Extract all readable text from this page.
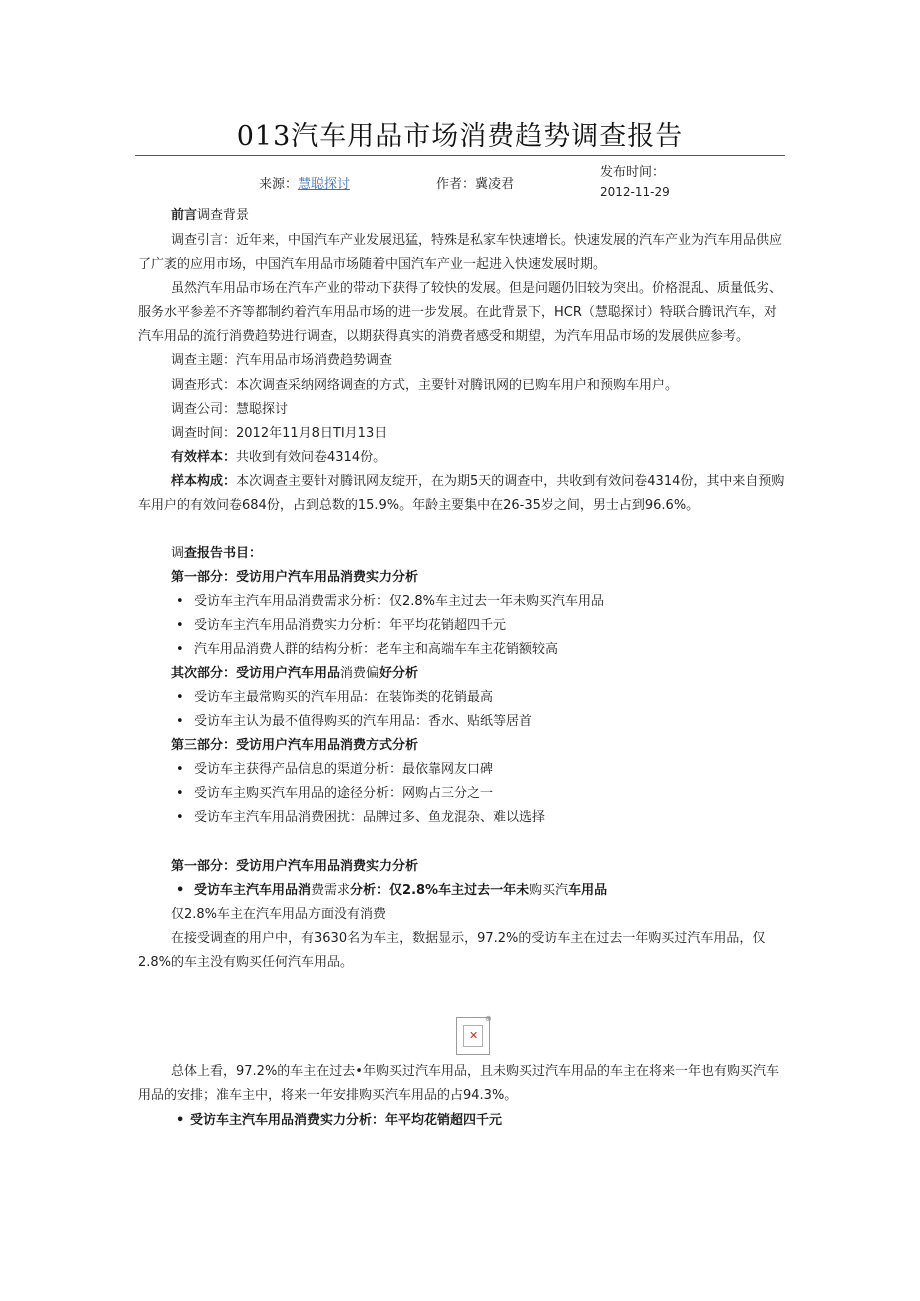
013汽车用品市场消费趋势调查报告
来源：慧聪探讨	作者：冀凌君
发布时间：
2012-11-29

前言调查背景

调查引言：近年来，中国汽车产业发展迅猛，特殊是私家车快速增长。快速发展的汽车产业为汽车用品供应了广袤的应用市场，中国汽车用品市场随着中国汽车产业一起进入快速发展时期。

虽然汽车用品市场在汽车产业的带动下获得了较快的发展。但是问题仍旧较为突出。价格混乱、质量低劣、服务水平参差不齐等都制约着汽车用品市场的进一步发展。在此背景下，HCR（慧聪探讨）特联合腾讯汽车，对汽车用品的流行消费趋势进行调查，以期获得真实的消费者感受和期望，为汽车用品市场的发展供应参考。

调查主题：汽车用品市场消费趋势调查

调查形式：本次调查采纳网络调查的方式，主要针对腾讯网的已购车用户和预购车用户。

调查公司：慧聪探讨

调查时间：2012年11月8日TI月13日

有效样本：共收到有效问卷4314份。

样本构成：本次调查主要针对腾讯网友绽开，在为期5天的调查中，共收到有效问卷4314份，其中来自预购车用户的有效问卷684份，占到总数的15.9%。年龄主要集中在26-35岁之间，男士占到96.6%。

调查报告书目：

第一部分：受访用户汽车用品消费实力分析

• 受访车主汽车用品消费需求分析：仅2.8%车主过去一年未购买汽车用品

• 受访车主汽车用品消费实力分析：年平均花销超四千元

• 汽车用品消费人群的结构分析：老车主和高端车车主花销额较高

其次部分：受访用户汽车用品消费偏好分析

• 受访车主最常购买的汽车用品：在装饰类的花销最高

• 受访车主认为最不值得购买的汽车用品：香水、贴纸等居首

第三部分：受访用户汽车用品消费方式分析

• 受访车主获得产品信息的渠道分析：最依靠网友口碑

• 受访车主购买汽车用品的途径分析：网购占三分之一

• 受访车主汽车用品消费困扰：品牌过多、鱼龙混杂、难以选择

第一部分：受访用户汽车用品消费实力分析

• 受访车主汽车用品消费需求分析：仅2.8%车主过去一年未购买汽车用品

仅2.8%车主在汽车用品方面没有消费

在接受调查的用户中，有3630名为车主，数据显示，97.2%的受访车主在过去一年购买过汽车用品，仅2.8%的车主没有购买任何汽车用品。

✕
⊕

总体上看，97.2%的车主在过去•年购买过汽车用品，且未购买过汽车用品的车主在将来一年也有购买汽车用品的安排；准车主中，将来一年安排购买汽车用品的占94.3%。

• 受访车主汽车用品消费实力分析：年平均花销超四千元
